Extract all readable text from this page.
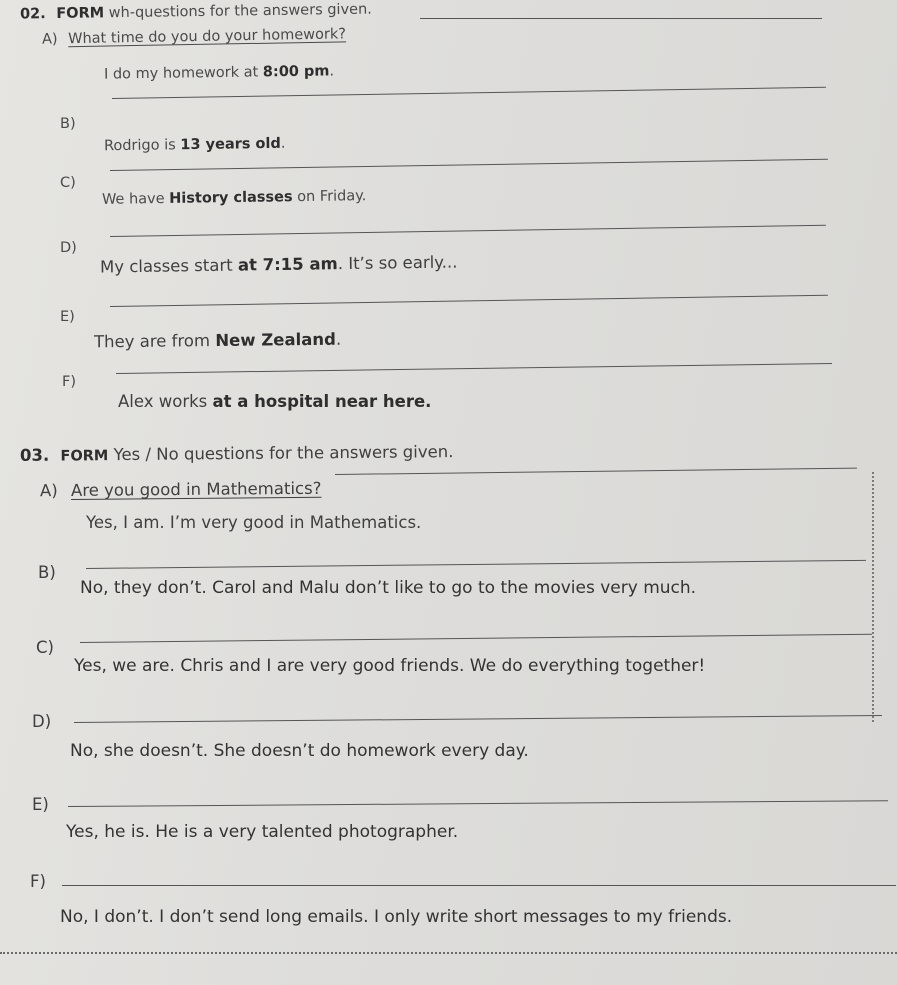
02. FORM wh-questions for the answers given.
A) What time do you do your homework?
I do my homework at 8:00 pm.
B)
Rodrigo is 13 years old.
C)
We have History classes on Friday.
D)
My classes start at 7:15 am. It’s so early...
E)
They are from New Zealand.
F)
Alex works at a hospital near here.
03. FORM Yes / No questions for the answers given.
A) Are you good in Mathematics?
Yes, I am. I’m very good in Mathematics.
B)
No, they don’t. Carol and Malu don’t like to go to the movies very much.
C)
Yes, we are. Chris and I are very good friends. We do everything together!
D)
No, she doesn’t. She doesn’t do homework every day.
E)
Yes, he is. He is a very talented photographer.
F)
No, I don’t. I don’t send long emails. I only write short messages to my friends.
